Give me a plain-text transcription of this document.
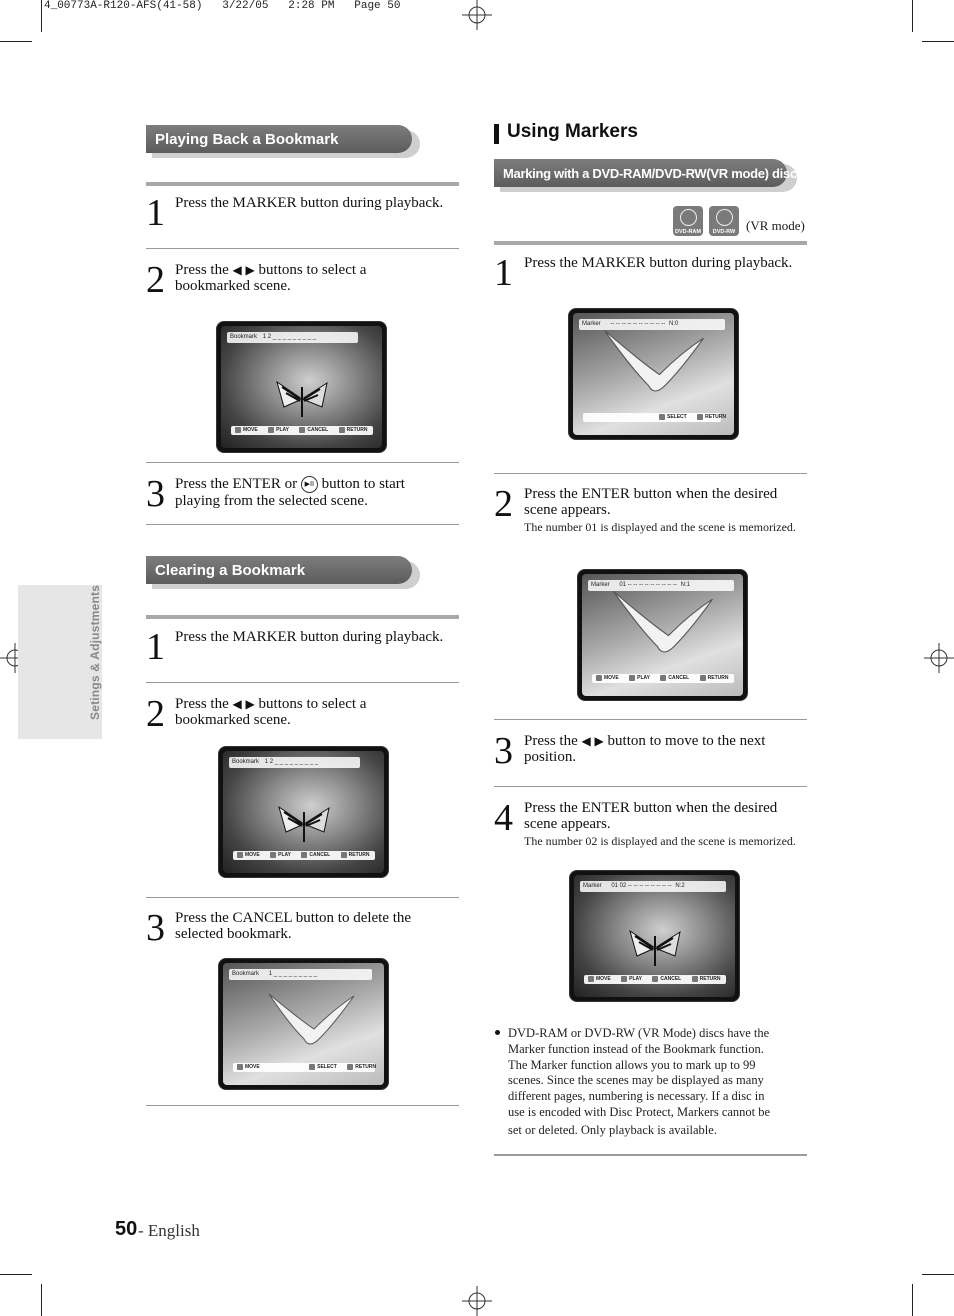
4_00773A-R120-AFS(41-58)   3/22/05   2:28 PM   Page 50
Setings & Adjustments
Playing Back a Bookmark
1 Press the MARKER button during playback.
2 Press the ◀ ▶ buttons to select a
bookmarked scene.
Bookmark 1 2 _ _ _ _ _ _ _ _ _
MOVE	PLAY	CANCEL	RETURN
3 Press the ENTER or ▶II button to start
playing from the selected scene.
Clearing a Bookmark
1 Press the MARKER button during playback.
2 Press the ◀ ▶ buttons to select a
bookmarked scene.
Bookmark 1 2 _ _ _ _ _ _ _ _ _
MOVE	PLAY	CANCEL	RETURN
3 Press the CANCEL button to delete the
selected bookmark.
Bookmark 1 _ _ _ _ _ _ _ _ _
MOVE	SELECT	RETURN
Using Markers
Marking with a DVD-RAM/DVD-RW(VR mode) disc
DVD-RAM	DVD-RW (VR mode)
1 Press the MARKER button during playback.
Marker -- -- -- -- -- -- -- -- -- -- N:0
SELECT	RETURN
2 Press the ENTER button when the desired
scene appears.
The number 01 is displayed and the scene is memorized.
Marker 01 -- -- -- -- -- -- -- -- -- N:1
MOVE	PLAY	CANCEL	RETURN
3 Press the ◀ ▶ button to move to the next
position.
4 Press the ENTER button when the desired
scene appears.
The number 02 is displayed and the scene is memorized.
Marker 01 02 -- -- -- -- -- -- -- -- N:2
MOVE	PLAY	CANCEL	RETURN
DVD-RAM or DVD-RW (VR Mode) discs have the
Marker function instead of the Bookmark function.
The Marker function allows you to mark up to 99
scenes. Since the scenes may be displayed as many
different pages, numbering is necessary. If a disc in
use is encoded with Disc Protect, Markers cannot be
set or deleted. Only playback is available.
50 - English
